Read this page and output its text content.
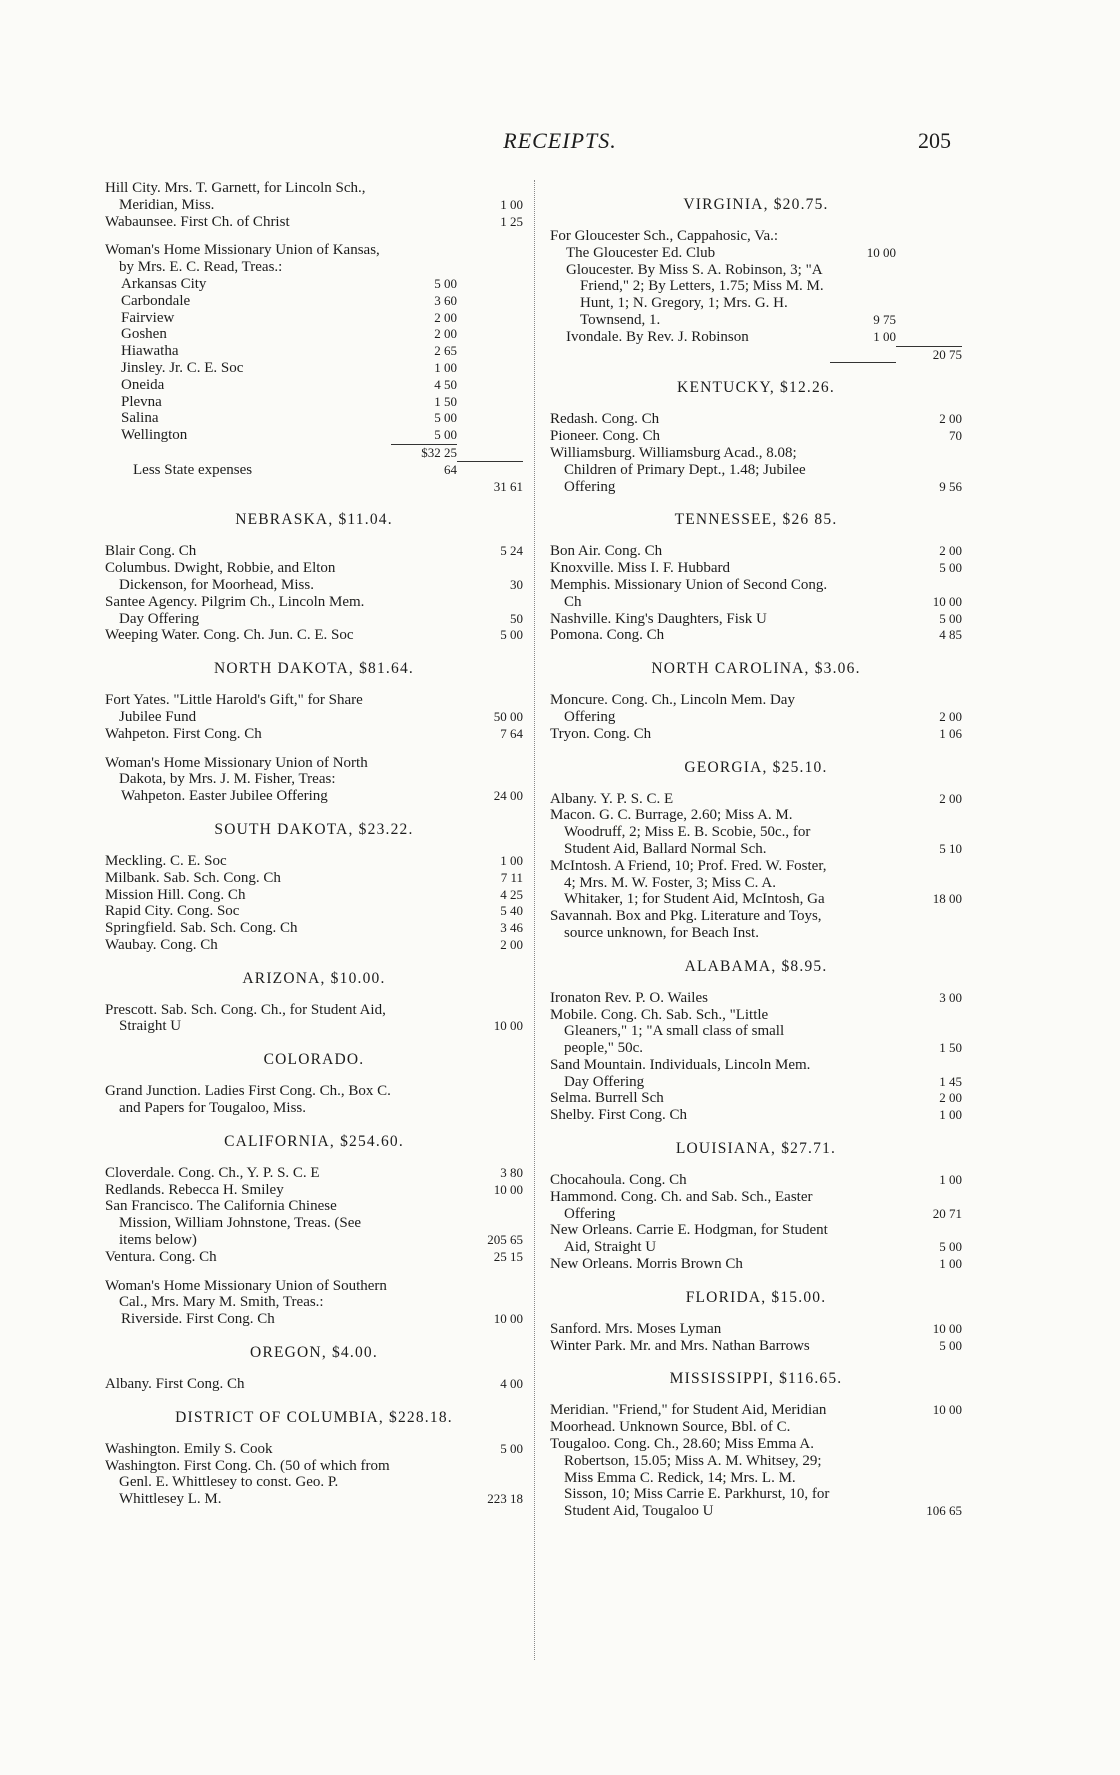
RECEIPTS.	205
Hill City. Mrs. T. Garnett, for Lincoln Sch., Meridian, Miss.	1 00
Wabaunsee. First Ch. of Christ	1 25
Woman's Home Missionary Union of Kansas, by Mrs. E. C. Read, Treas.:
Arkansas City	5 00
Carbondale	3 60
Fairview	2 00
Goshen	2 00
Hiawatha	2 65
Jinsley. Jr. C. E. Soc	1 00
Oneida	4 50
Plevna	1 50
Salina	5 00
Wellington	5 00
$32 25
Less State expenses	64
31 61
NEBRASKA, $11.04.
Blair Cong. Ch	5 24
Columbus. Dwight, Robbie, and Elton Dickenson, for Moorhead, Miss.	30
Santee Agency. Pilgrim Ch., Lincoln Mem. Day Offering	50
Weeping Water. Cong. Ch. Jun. C. E. Soc	5 00
NORTH DAKOTA, $81.64.
Fort Yates. "Little Harold's Gift," for Share Jubilee Fund	50 00
Wahpeton. First Cong. Ch	7 64
Woman's Home Missionary Union of North Dakota, by Mrs. J. M. Fisher, Treas:
Wahpeton. Easter Jubilee Offering	24 00
SOUTH DAKOTA, $23.22.
Meckling. C. E. Soc	1 00
Milbank. Sab. Sch. Cong. Ch	7 11
Mission Hill. Cong. Ch	4 25
Rapid City. Cong. Soc	5 40
Springfield. Sab. Sch. Cong. Ch	3 46
Waubay. Cong. Ch	2 00
ARIZONA, $10.00.
Prescott. Sab. Sch. Cong. Ch., for Student Aid, Straight U	10 00
COLORADO.
Grand Junction. Ladies First Cong. Ch., Box C. and Papers for Tougaloo, Miss.
CALIFORNIA, $254.60.
Cloverdale. Cong. Ch., Y. P. S. C. E	3 80
Redlands. Rebecca H. Smiley	10 00
San Francisco. The California Chinese Mission, William Johnstone, Treas. (See items below)	205 65
Ventura. Cong. Ch	25 15
Woman's Home Missionary Union of Southern Cal., Mrs. Mary M. Smith, Treas.:
Riverside. First Cong. Ch	10 00
OREGON, $4.00.
Albany. First Cong. Ch	4 00
DISTRICT OF COLUMBIA, $228.18.
Washington. Emily S. Cook	5 00
Washington. First Cong. Ch. (50 of which from Genl. E. Whittlesey to const. Geo. P. Whittlesey L. M.	223 18
VIRGINIA, $20.75.
For Gloucester Sch., Cappahosic, Va.:
The Gloucester Ed. Club	10 00
Gloucester. By Miss S. A. Robinson, 3; "A Friend," 2; By Letters, 1.75; Miss M. M. Hunt, 1; N. Gregory, 1; Mrs. G. H. Townsend, 1.	9 75
Ivondale. By Rev. J. Robinson	1 00
20 75
KENTUCKY, $12.26.
Redash. Cong. Ch	2 00
Pioneer. Cong. Ch	70
Williamsburg. Williamsburg Acad., 8.08; Children of Primary Dept., 1.48; Jubilee Offering	9 56
TENNESSEE, $26 85.
Bon Air. Cong. Ch	2 00
Knoxville. Miss I. F. Hubbard	5 00
Memphis. Missionary Union of Second Cong. Ch	10 00
Nashville. King's Daughters, Fisk U	5 00
Pomona. Cong. Ch	4 85
NORTH CAROLINA, $3.06.
Moncure. Cong. Ch., Lincoln Mem. Day Offering	2 00
Tryon. Cong. Ch	1 06
GEORGIA, $25.10.
Albany. Y. P. S. C. E	2 00
Macon. G. C. Burrage, 2.60; Miss A. M. Woodruff, 2; Miss E. B. Scobie, 50c., for Student Aid, Ballard Normal Sch.	5 10
McIntosh. A Friend, 10; Prof. Fred. W. Foster, 4; Mrs. M. W. Foster, 3; Miss C. A. Whitaker, 1; for Student Aid, McIntosh, Ga	18 00
Savannah. Box and Pkg. Literature and Toys, source unknown, for Beach Inst.
ALABAMA, $8.95.
Ironaton Rev. P. O. Wailes	3 00
Mobile. Cong. Ch. Sab. Sch., "Little Gleaners," 1; "A small class of small people," 50c.	1 50
Sand Mountain. Individuals, Lincoln Mem. Day Offering	1 45
Selma. Burrell Sch	2 00
Shelby. First Cong. Ch	1 00
LOUISIANA, $27.71.
Chocahoula. Cong. Ch	1 00
Hammond. Cong. Ch. and Sab. Sch., Easter Offering	20 71
New Orleans. Carrie E. Hodgman, for Student Aid, Straight U	5 00
New Orleans. Morris Brown Ch	1 00
FLORIDA, $15.00.
Sanford. Mrs. Moses Lyman	10 00
Winter Park. Mr. and Mrs. Nathan Barrows	5 00
MISSISSIPPI, $116.65.
Meridian. "Friend," for Student Aid, Meridian	10 00
Moorhead. Unknown Source, Bbl. of C.
Tougaloo. Cong. Ch., 28.60; Miss Emma A. Robertson, 15.05; Miss A. M. Whitsey, 29; Miss Emma C. Redick, 14; Mrs. L. M. Sisson, 10; Miss Carrie E. Parkhurst, 10, for Student Aid, Tougaloo U	106 65
